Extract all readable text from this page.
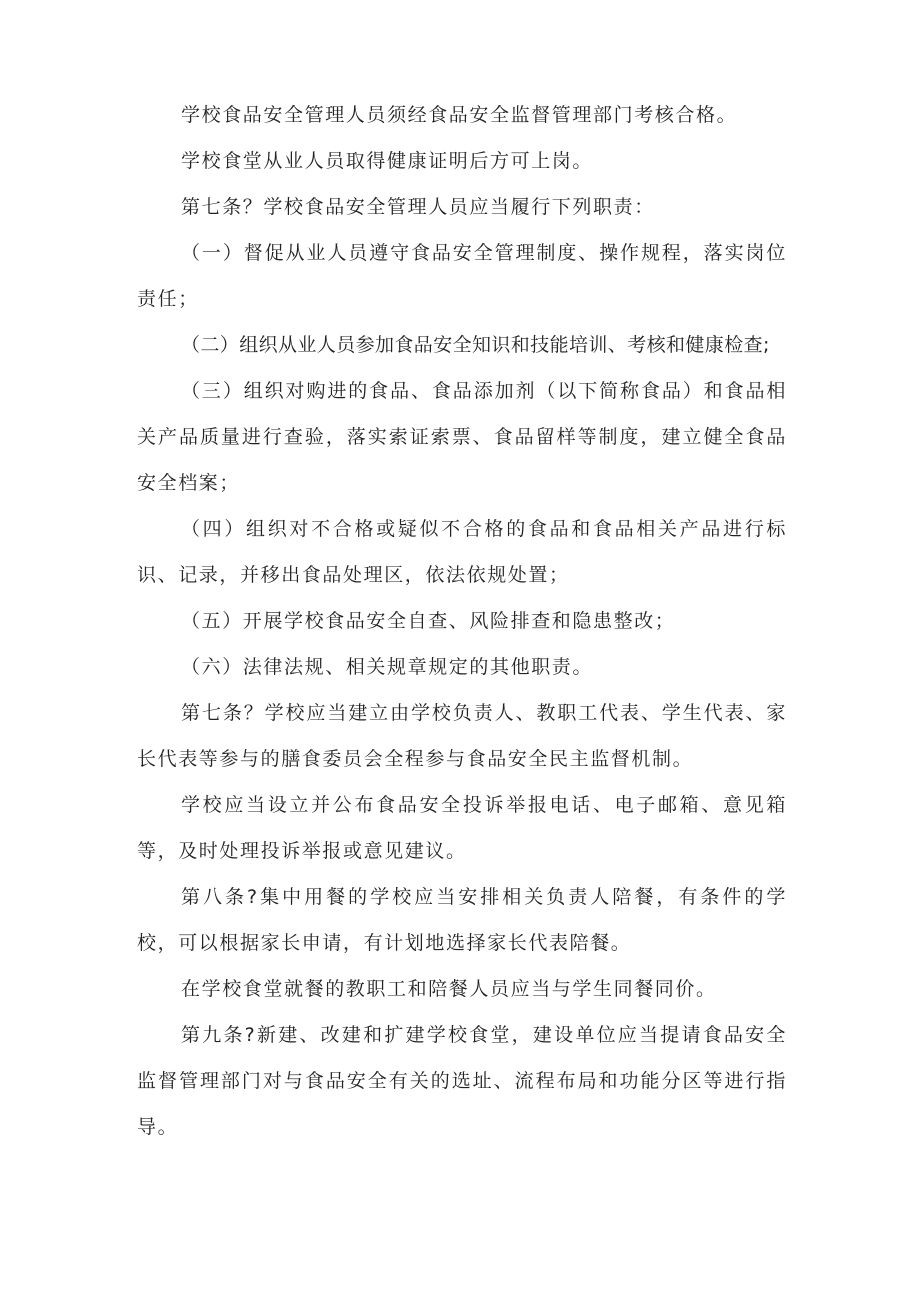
学校食品安全管理人员须经食品安全监督管理部门考核合格。

学校食堂从业人员取得健康证明后方可上岗。

第七条？学校食品安全管理人员应当履行下列职责：

（一）督促从业人员遵守食品安全管理制度、操作规程，落实岗位责任；

（二）组织从业人员参加食品安全知识和技能培训、考核和健康检查;

（三）组织对购进的食品、食品添加剂（以下简称食品）和食品相关产品质量进行查验，落实索证索票、食品留样等制度，建立健全食品安全档案；

（四）组织对不合格或疑似不合格的食品和食品相关产品进行标识、记录，并移出食品处理区，依法依规处置；

（五）开展学校食品安全自查、风险排查和隐患整改；

（六）法律法规、相关规章规定的其他职责。

第七条？学校应当建立由学校负责人、教职工代表、学生代表、家长代表等参与的膳食委员会全程参与食品安全民主监督机制。

学校应当设立并公布食品安全投诉举报电话、电子邮箱、意见箱等，及时处理投诉举报或意见建议。

第八条?集中用餐的学校应当安排相关负责人陪餐，有条件的学校，可以根据家长申请，有计划地选择家长代表陪餐。

在学校食堂就餐的教职工和陪餐人员应当与学生同餐同价。

第九条?新建、改建和扩建学校食堂，建设单位应当提请食品安全监督管理部门对与食品安全有关的选址、流程布局和功能分区等进行指导。
